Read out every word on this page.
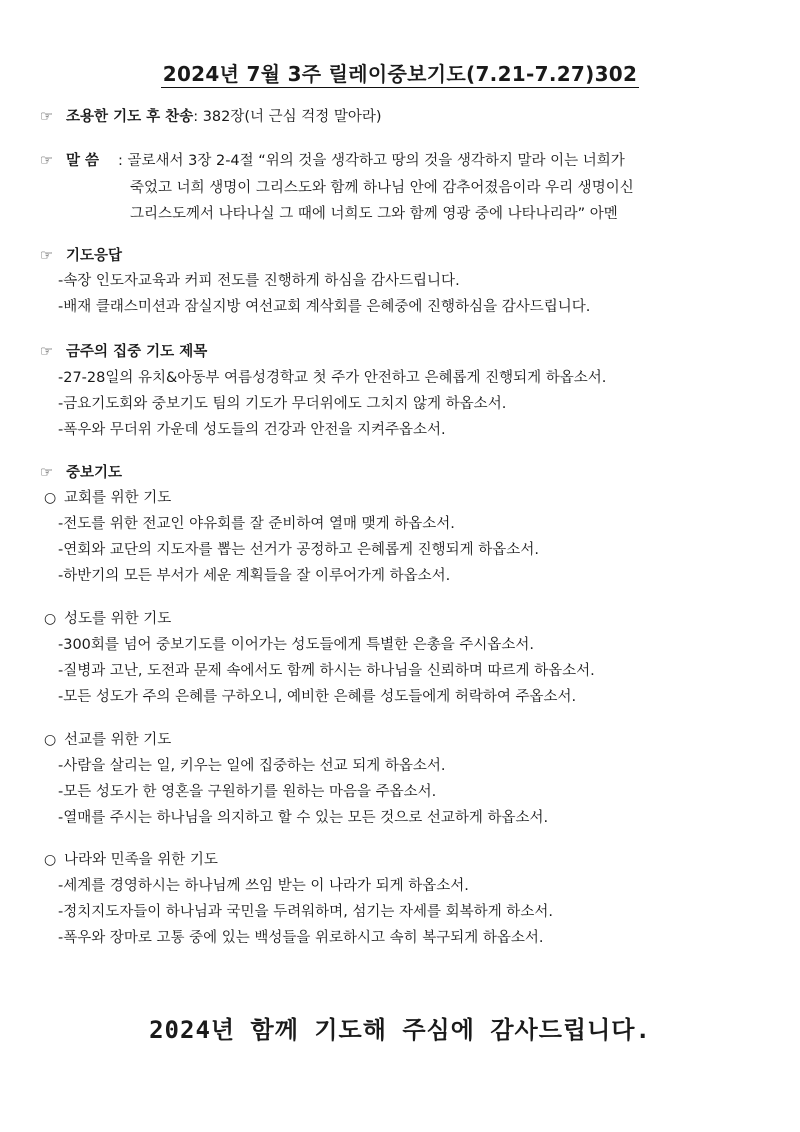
2024년 7월 3주 릴레이중보기도(7.21-7.27)302
☞ 조용한 기도 후 찬송: 382장(너 근심 걱정 말아라)
☞ 말 씀 : 골로새서 3장 2-4절 “위의 것을 생각하고 땅의 것을 생각하지 말라 이는 너희가
죽었고 너희 생명이 그리스도와 함께 하나님 안에 감추어졌음이라 우리 생명이신
그리스도께서 나타나실 그 때에 너희도 그와 함께 영광 중에 나타나리라” 아멘
☞ 기도응답
-속장 인도자교육과 커피 전도를 진행하게 하심을 감사드립니다.
-배재 클래스미션과 잠실지방 여선교회 계삭회를 은혜중에 진행하심을 감사드립니다.
☞ 금주의 집중 기도 제목
-27-28일의 유치&아동부 여름성경학교 첫 주가 안전하고 은혜롭게 진행되게 하옵소서.
-금요기도회와 중보기도 팀의 기도가 무더위에도 그치지 않게 하옵소서.
-폭우와 무더위 가운데 성도들의 건강과 안전을 지켜주옵소서.
☞ 중보기도
○ 교회를 위한 기도
-전도를 위한 전교인 야유회를 잘 준비하여 열매 맺게 하옵소서.
-연회와 교단의 지도자를 뽑는 선거가 공정하고 은혜롭게 진행되게 하옵소서.
-하반기의 모든 부서가 세운 계획들을 잘 이루어가게 하옵소서.
○ 성도를 위한 기도
-300회를 넘어 중보기도를 이어가는 성도들에게 특별한 은총을 주시옵소서.
-질병과 고난, 도전과 문제 속에서도 함께 하시는 하나님을 신뢰하며 따르게 하옵소서.
-모든 성도가 주의 은혜를 구하오니, 예비한 은혜를 성도들에게 허락하여 주옵소서.
○ 선교를 위한 기도
-사람을 살리는 일, 키우는 일에 집중하는 선교 되게 하옵소서.
-모든 성도가 한 영혼을 구원하기를 원하는 마음을 주옵소서.
-열매를 주시는 하나님을 의지하고 할 수 있는 모든 것으로 선교하게 하옵소서.
○ 나라와 민족을 위한 기도
-세계를 경영하시는 하나님께 쓰임 받는 이 나라가 되게 하옵소서.
-정치지도자들이 하나님과 국민을 두려워하며, 섬기는 자세를 회복하게 하소서.
-폭우와 장마로 고통 중에 있는 백성들을 위로하시고 속히 복구되게 하옵소서.
2024년 함께 기도해 주심에 감사드립니다.
